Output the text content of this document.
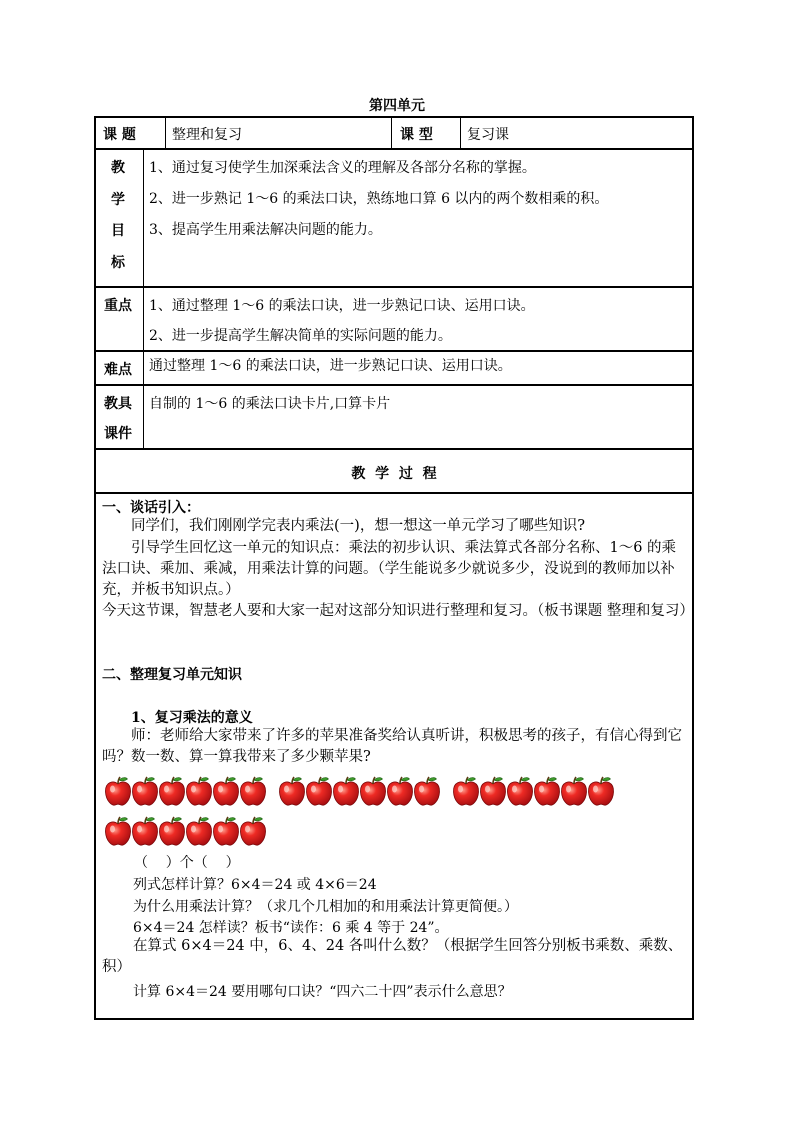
第四单元
课 题	整理和复习	课 型 复习课
教
学
目
标
1、通过复习使学生加深乘法含义的理解及各部分名称的掌握。
2、进一步熟记 1～6 的乘法口诀，熟练地口算 6 以内的两个数相乘的积。
3、提高学生用乘法解决问题的能力。
重点 1、通过整理 1～6 的乘法口诀，进一步熟记口诀、运用口诀。
2、进一步提高学生解决简单的实际问题的能力。
难点 通过整理 1～6 的乘法口诀，进一步熟记口诀、运用口诀。
教具
课件
自制的 1～6 的乘法口诀卡片,口算卡片
教  学  过  程
一、谈话引入：
同学们，我们刚刚学完表内乘法(一)，想一想这一单元学习了哪些知识?
引导学生回忆这一单元的知识点：乘法的初步认识、乘法算式各部分名称、1～6 的乘法口诀、乘加、乘减，用乘法计算的问题。（学生能说多少就说多少，没说到的教师加以补充，并板书知识点。）
今天这节课，智慧老人要和大家一起对这部分知识进行整理和复习。（板书课题 整理和复习）
二、整理复习单元知识
1、复习乘法的意义
师：老师给大家带来了许多的苹果准备奖给认真听讲，积极思考的孩子，有信心得到它吗？数一数、算一算我带来了多少颗苹果?
（    ）个（    ）
列式怎样计算？6×4＝24 或 4×6＝24
为什么用乘法计算？（求几个几相加的和用乘法计算更简便。）
6×4＝24 怎样读？板书“读作：6 乘 4 等于 24”。
在算式 6×4＝24 中，6、4、24 各叫什么数？（根据学生回答分别板书乘数、乘数、积）
计算 6×4＝24 要用哪句口诀？“四六二十四”表示什么意思？
